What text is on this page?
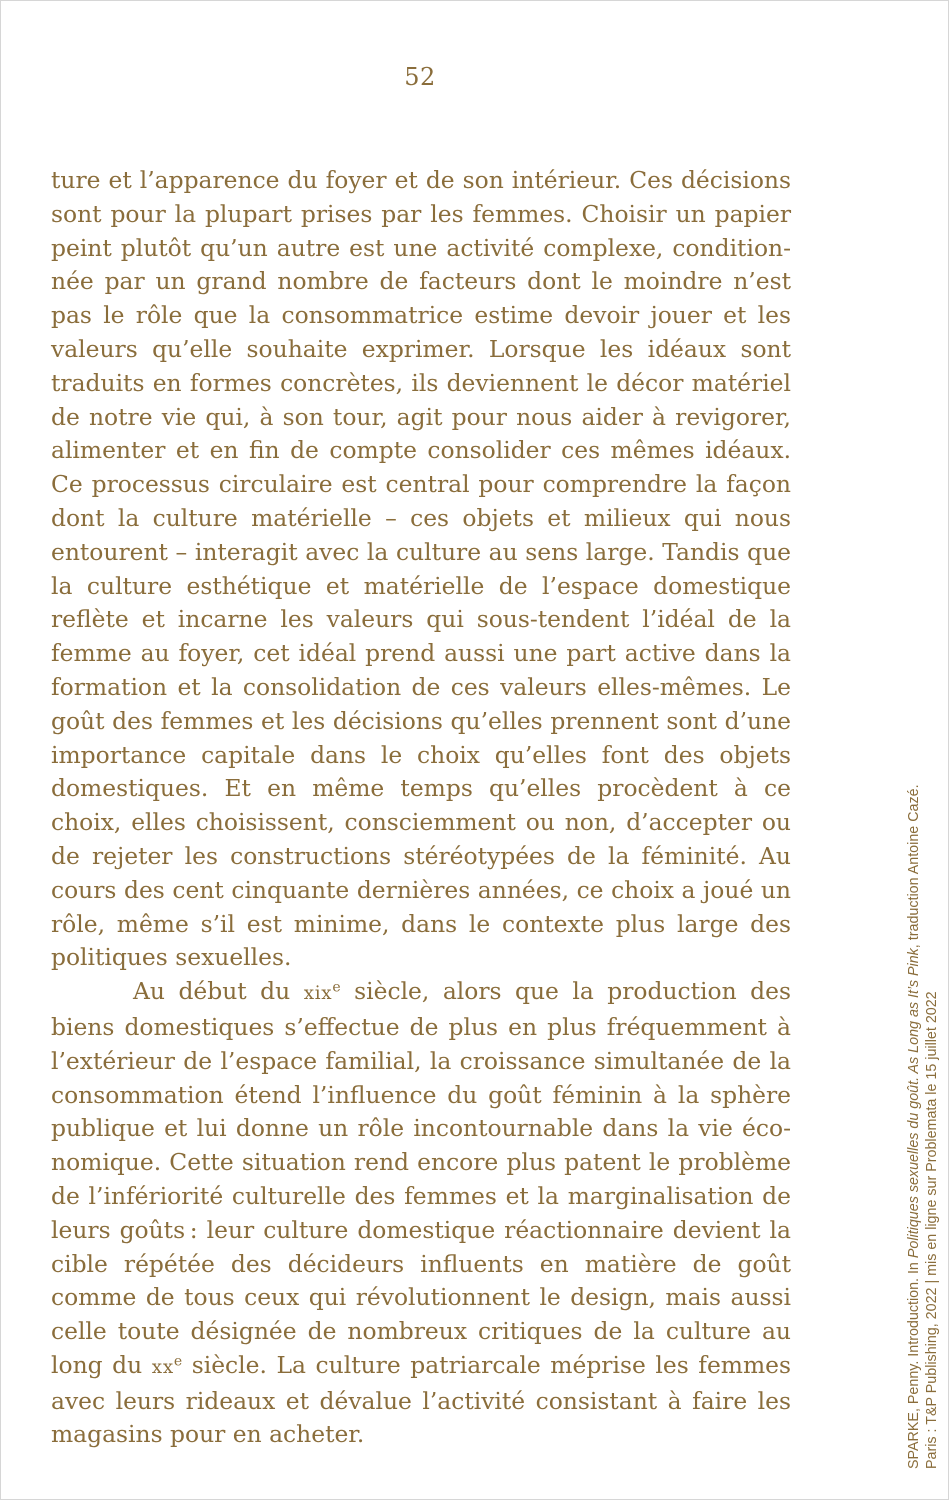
52

ture et l’apparence du foyer et de son intérieur. Ces décisions sont pour la plupart prises par les femmes. Choisir un papier peint plutôt qu’un autre est une activité complexe, conditionnée par un grand nombre de facteurs dont le moindre n’est pas le rôle que la consommatrice estime devoir jouer et les valeurs qu’elle souhaite exprimer. Lorsque les idéaux sont traduits en formes concrètes, ils deviennent le décor matériel de notre vie qui, à son tour, agit pour nous aider à revigorer, alimenter et en fin de compte consolider ces mêmes idéaux. Ce processus circulaire est central pour comprendre la façon dont la culture matérielle – ces objets et milieux qui nous entourent – interagit avec la culture au sens large. Tandis que la culture esthétique et matérielle de l’espace domestique reflète et incarne les valeurs qui sous-tendent l’idéal de la femme au foyer, cet idéal prend aussi une part active dans la formation et la consolidation de ces valeurs elles-mêmes. Le goût des femmes et les décisions qu’elles prennent sont d’une importance capitale dans le choix qu’elles font des objets domestiques. Et en même temps qu’elles procèdent à ce choix, elles choisissent, consciemment ou non, d’accepter ou de rejeter les constructions stéréotypées de la féminité. Au cours des cent cinquante dernières années, ce choix a joué un rôle, même s’il est minime, dans le contexte plus large des politiques sexuelles.

Au début du xix$^e$ siècle, alors que la production des biens domestiques s’effectue de plus en plus fréquemment à l’extérieur de l’espace familial, la croissance simultanée de la consommation étend l’influence du goût féminin à la sphère publique et lui donne un rôle incontournable dans la vie économique. Cette situation rend encore plus patent le problème de l’infériorité culturelle des femmes et la marginalisation de leurs goûts : leur culture domestique réactionnaire devient la cible répétée des décideurs influents en matière de goût comme de tous ceux qui révolutionnent le design, mais aussi celle toute désignée de nombreux critiques de la culture au long du $xx^e$ siècle. La culture patriarcale méprise les femmes avec leurs rideaux et dévalue l’activité consistant à faire les magasins pour en acheter.	SPARKE, Penny. Introduction. In Politiques sexuelles du goût. As Long as It’s Pink, traduction Antoine Cazé.
Paris : T&P Publishing, 2022 | mis en ligne sur Problemata le 15 juillet 2022
